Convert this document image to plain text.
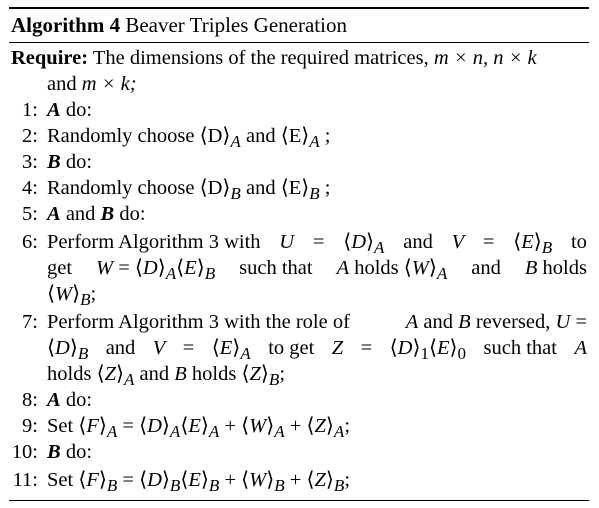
Algorithm 4 Beaver Triples Generation
Require: The dimensions of the required matrices, m × n, n × k
and m × k;
1: A do:
2: Randomly choose $⟨D⟩_A$ and $⟨E⟩_A$ ;
3: B do:
4: Randomly choose $⟨D⟩_B$ and $⟨E⟩_B$ ;
5: A and B do:
6: Perform Algorithm 3 with $U = ⟨D⟩_A$ and $V = ⟨E⟩_B$ to
get $W = ⟨D⟩_A⟨E⟩_B$ such that A holds $⟨W⟩_A$ and B holds
$⟨W⟩_B$;
7: Perform Algorithm 3 with the role of	A and B reversed, U =
$⟨D⟩_B$ and $V = ⟨E⟩_A$ to get $Z = ⟨D⟩_1⟨E⟩_0$ such that A
holds $⟨Z⟩_A$ and B holds $⟨Z⟩_B$;
8: A do:
9: Set $⟨F⟩_A$ = $⟨D⟩_A⟨E⟩_A$ + $⟨W⟩_A$ + $⟨Z⟩_A$;
10: B do:
11: Set $⟨F⟩_B$ = $⟨D⟩_B⟨E⟩_B$ + $⟨W⟩_B$ + $⟨Z⟩_B$;
